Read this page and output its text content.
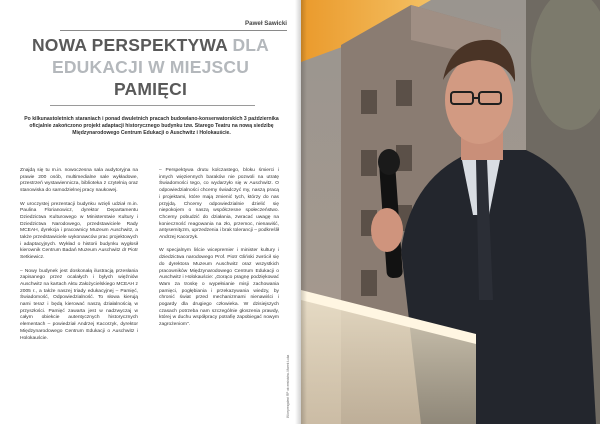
Paweł Sawicki
NOWA PERSPEKTYWA DLA EDUKACJI W MIEJSCU
PAMIĘCI

Po kilkunastoletnich staraniach i ponad dwuletnich pracach budowlano-konserwatorskich 3 października oficjalnie zakończono projekt adaptacji historycznego budynku tzw. Starego Teatru na nową siedzibę Międzynarodowego Centrum Edukacji o Auschwitz i Holokauście.

Znajdą się tu m.in. nowoczesna sala audytoryjna na prawie 200 osób, multimedialne sale wykładowe, przestrzeń wystawiennicza, biblioteka z czytelnią oraz stanowiska do samodzielnej pracy naukowej.

W uroczystej prezentacji budynku wzięli udział m.in. Paulina Florianowicz, dyrektor Departamentu Dziedzictwa Kulturowego w Ministerstwie Kultury i Dziedzictwa Narodowego, przedstawiciele Rady MCEAH, dyrekcja i pracownicy Muzeum Auschwitz, a także przedstawiciele wykonawców prac projektowych i adaptacyjnych. Wykład o historii budynku wygłosił kierownik Centrum Badań Muzeum Auschwitz dr Piotr Setkiewicz.

– Nowy budynek jest doskonałą ilustracją przesłania zapisanego przez ocalałych i byłych więźniów Auschwitz na kartach Aktu Założycielskiego MCEAH z 2005 r., a także naszej triady edukacyjnej – Pamięć, Świadomość, Odpowiedzialność. To słowa kierują nami teraz i będą kierować naszą działalnością w przyszłości. Pamięć zawarta jest w nadzwyczaj w całym obiekcie autentycznych historycznych elementach – powiedział Andrzej Kacorzyk, dyrektor Międzynarodowego Centrum Edukacji o Auschwitz i Holokauście.

– Perspektywa drutu kolczastego, bloku śmierci i innych więziennych baraków nie pozwoli na utratę Świadomości tego, co wydarzyło się w Auschwitz. O odpowiedzialności chcemy świadczyć my, naszą pracą i projektami, które mają zmienić tych, którzy do nas przyjdą. Chcemy odpowiedzialnie dzielić się niepokojem o naszą współczesne społeczeństwo. Chcemy pobudzić do działania, zwracać uwagę na konieczność reagowania na zło, przemoc, nienawiść, antysemityzm, uprzedzenia i brak tolerancji – podkreślił Andrzej Kacorzyk.

W specjalnym liście wicepremier i minister kultury i dziedzictwa narodowego Prof. Piotr Gliński zwrócił się do dyrektora Muzeum Auschwitz oraz wszystkich pracowników Międzynarodowego Centrum Edukacji o Auschwitz i Holokauście: „Gorąco pragnę podziękować Wam za troskę o wypełnianie misji zachowania pamięci, pogłębiania i przekazywania wiedzy, by chronić świat przed mechanizmami nienawiści i pogardy dla drugiego człowieka. W dzisiejszych czasach potrzeba nam szczególnie głoszenia prawdy, której w duchu współpracy potrafię zapobiegać nowym zagrożeniom".

Wiceprezydent RP wiceministra. Marek Łuka
